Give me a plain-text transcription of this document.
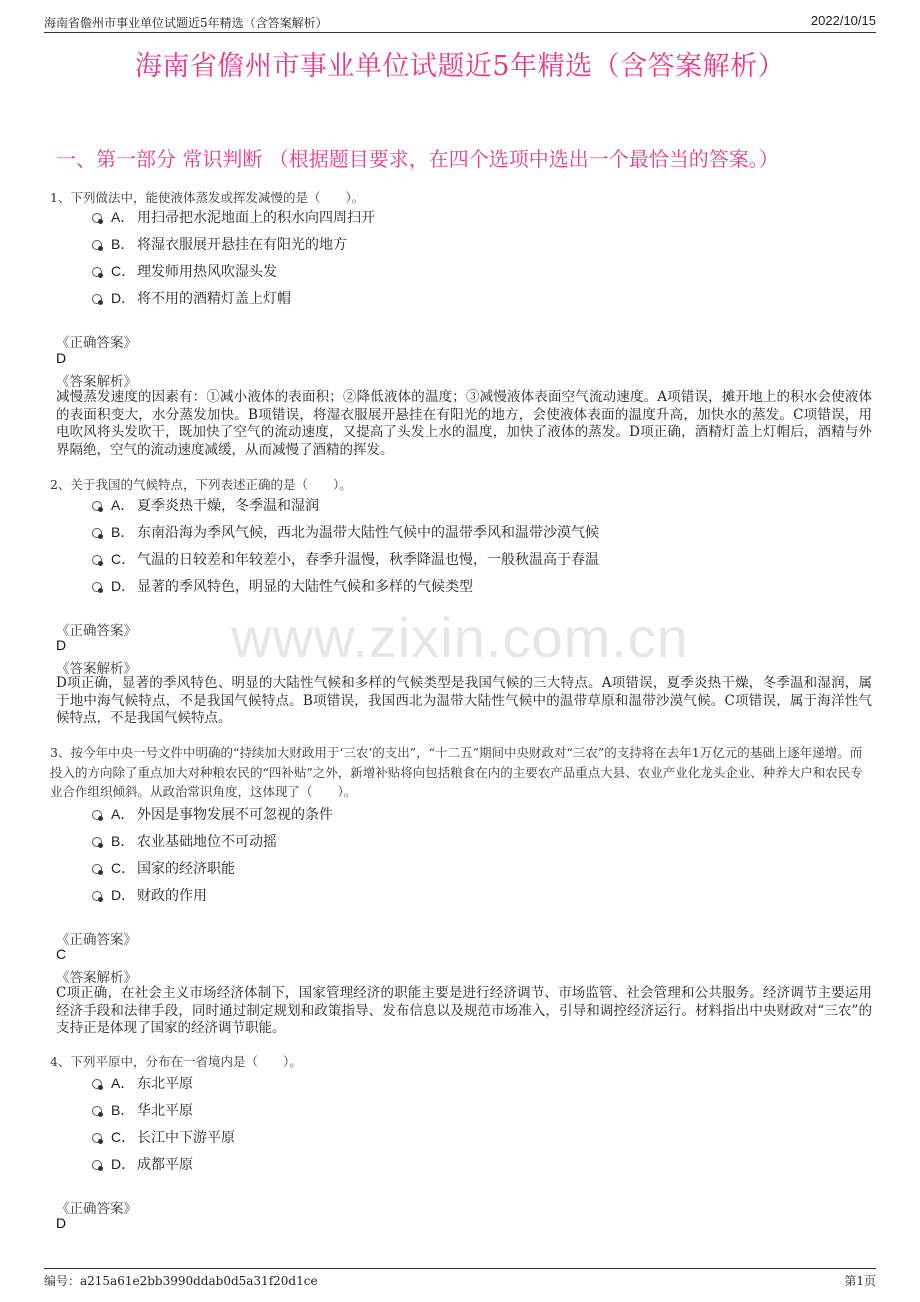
海南省儋州市事业单位试题近5年精选（含答案解析）	2022/10/15
海南省儋州市事业单位试题近5年精选（含答案解析）
一、第一部分 常识判断 （根据题目要求，在四个选项中选出一个最恰当的答案。）
www.zixin.com.cn
1、下列做法中，能使液体蒸发或挥发减慢的是（　　）。
A． 用扫帚把水泥地面上的积水向四周扫开
B． 将湿衣服展开悬挂在有阳光的地方
C． 理发师用热风吹湿头发
D． 将不用的酒精灯盖上灯帽
《正确答案》
D
《答案解析》
减慢蒸发速度的因素有：①减小液体的表面积；②降低液体的温度；③减慢液体表面空气流动速度。A项错误，摊开地上的积水会使液体的表面积变大，水分蒸发加快。B项错误，将湿衣服展开悬挂在有阳光的地方，会使液体表面的温度升高，加快水的蒸发。C项错误，用电吹风将头发吹干，既加快了空气的流动速度，又提高了头发上水的温度，加快了液体的蒸发。D项正确，酒精灯盖上灯帽后，酒精与外界隔绝，空气的流动速度减缓，从而减慢了酒精的挥发。
2、关于我国的气候特点，下列表述正确的是（　　）。
A． 夏季炎热干燥，冬季温和湿润
B． 东南沿海为季风气候，西北为温带大陆性气候中的温带季风和温带沙漠气候
C． 气温的日较差和年较差小，春季升温慢，秋季降温也慢，一般秋温高于春温
D． 显著的季风特色，明显的大陆性气候和多样的气候类型
《正确答案》
D
《答案解析》
D项正确，显著的季风特色、明显的大陆性气候和多样的气候类型是我国气候的三大特点。A项错误，夏季炎热干燥，冬季温和湿润，属于地中海气候特点，不是我国气候特点。B项错误，我国西北为温带大陆性气候中的温带草原和温带沙漠气候。C项错误，属于海洋性气候特点，不是我国气候特点。
3、按今年中央一号文件中明确的“持续加大财政用于‘三农’的支出”，“十二五”期间中央财政对“三农”的支持将在去年1万亿元的基础上逐年递增。而投入的方向除了重点加大对种粮农民的“四补贴”之外，新增补贴将向包括粮食在内的主要农产品重点大县、农业产业化龙头企业、种养大户和农民专业合作组织倾斜。从政治常识角度，这体现了（　　）。
A． 外因是事物发展不可忽视的条件
B． 农业基础地位不可动摇
C． 国家的经济职能
D． 财政的作用
《正确答案》
C
《答案解析》
C项正确，在社会主义市场经济体制下，国家管理经济的职能主要是进行经济调节、市场监管、社会管理和公共服务。经济调节主要运用经济手段和法律手段，同时通过制定规划和政策指导、发布信息以及规范市场准入，引导和调控经济运行。材料指出中央财政对“三农”的支持正是体现了国家的经济调节职能。
4、下列平原中，分布在一省境内是（　　）。
A． 东北平原
B． 华北平原
C． 长江中下游平原
D． 成都平原
《正确答案》
D
编号：a215a61e2bb3990ddab0d5a31f20d1ce	第1页
